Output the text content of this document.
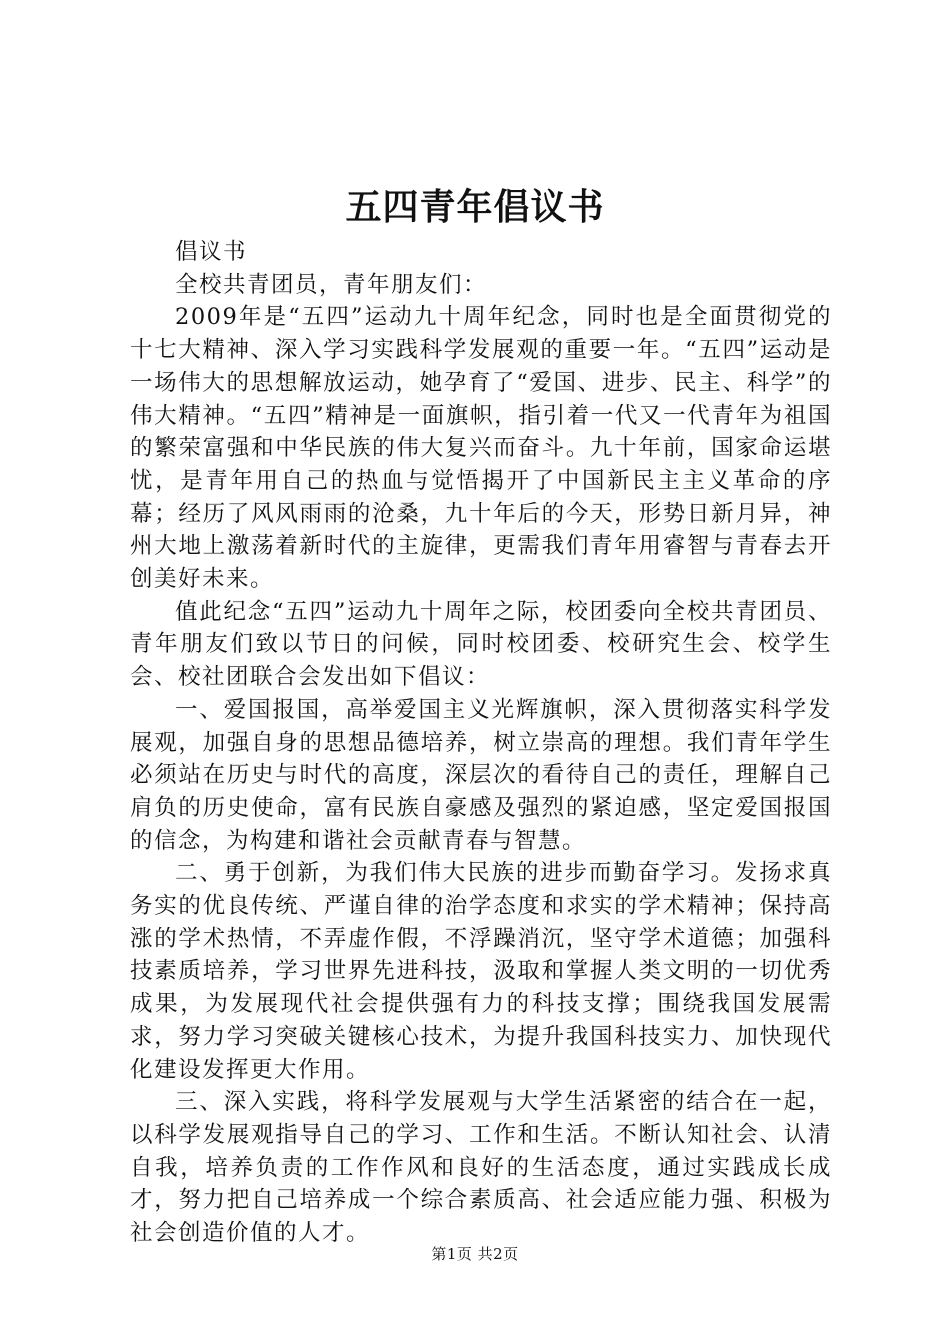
五四青年倡议书

倡议书

全校共青团员，青年朋友们：

2009年是“五四”运动九十周年纪念，同时也是全面贯彻党的十七大精神、深入学习实践科学发展观的重要一年。“五四”运动是一场伟大的思想解放运动，她孕育了“爱国、进步、民主、科学”的伟大精神。“五四”精神是一面旗帜，指引着一代又一代青年为祖国的繁荣富强和中华民族的伟大复兴而奋斗。九十年前，国家命运堪忧，是青年用自己的热血与觉悟揭开了中国新民主主义革命的序幕；经历了风风雨雨的沧桑，九十年后的今天，形势日新月异，神州大地上激荡着新时代的主旋律，更需我们青年用睿智与青春去开创美好未来。

值此纪念“五四”运动九十周年之际，校团委向全校共青团员、青年朋友们致以节日的问候，同时校团委、校研究生会、校学生会、校社团联合会发出如下倡议：

一、爱国报国，高举爱国主义光辉旗帜，深入贯彻落实科学发展观，加强自身的思想品德培养，树立崇高的理想。我们青年学生必须站在历史与时代的高度，深层次的看待自己的责任，理解自己肩负的历史使命，富有民族自豪感及强烈的紧迫感，坚定爱国报国的信念，为构建和谐社会贡献青春与智慧。

二、勇于创新，为我们伟大民族的进步而勤奋学习。发扬求真务实的优良传统、严谨自律的治学态度和求实的学术精神；保持高涨的学术热情，不弄虚作假，不浮躁消沉，坚守学术道德；加强科技素质培养，学习世界先进科技，汲取和掌握人类文明的一切优秀成果，为发展现代社会提供强有力的科技支撑；围绕我国发展需求，努力学习突破关键核心技术，为提升我国科技实力、加快现代化建设发挥更大作用。

三、深入实践，将科学发展观与大学生活紧密的结合在一起，以科学发展观指导自己的学习、工作和生活。不断认知社会、认清自我，培养负责的工作作风和良好的生活态度，通过实践成长成才，努力把自己培养成一个综合素质高、社会适应能力强、积极为社会创造价值的人才。

第1页 共2页
